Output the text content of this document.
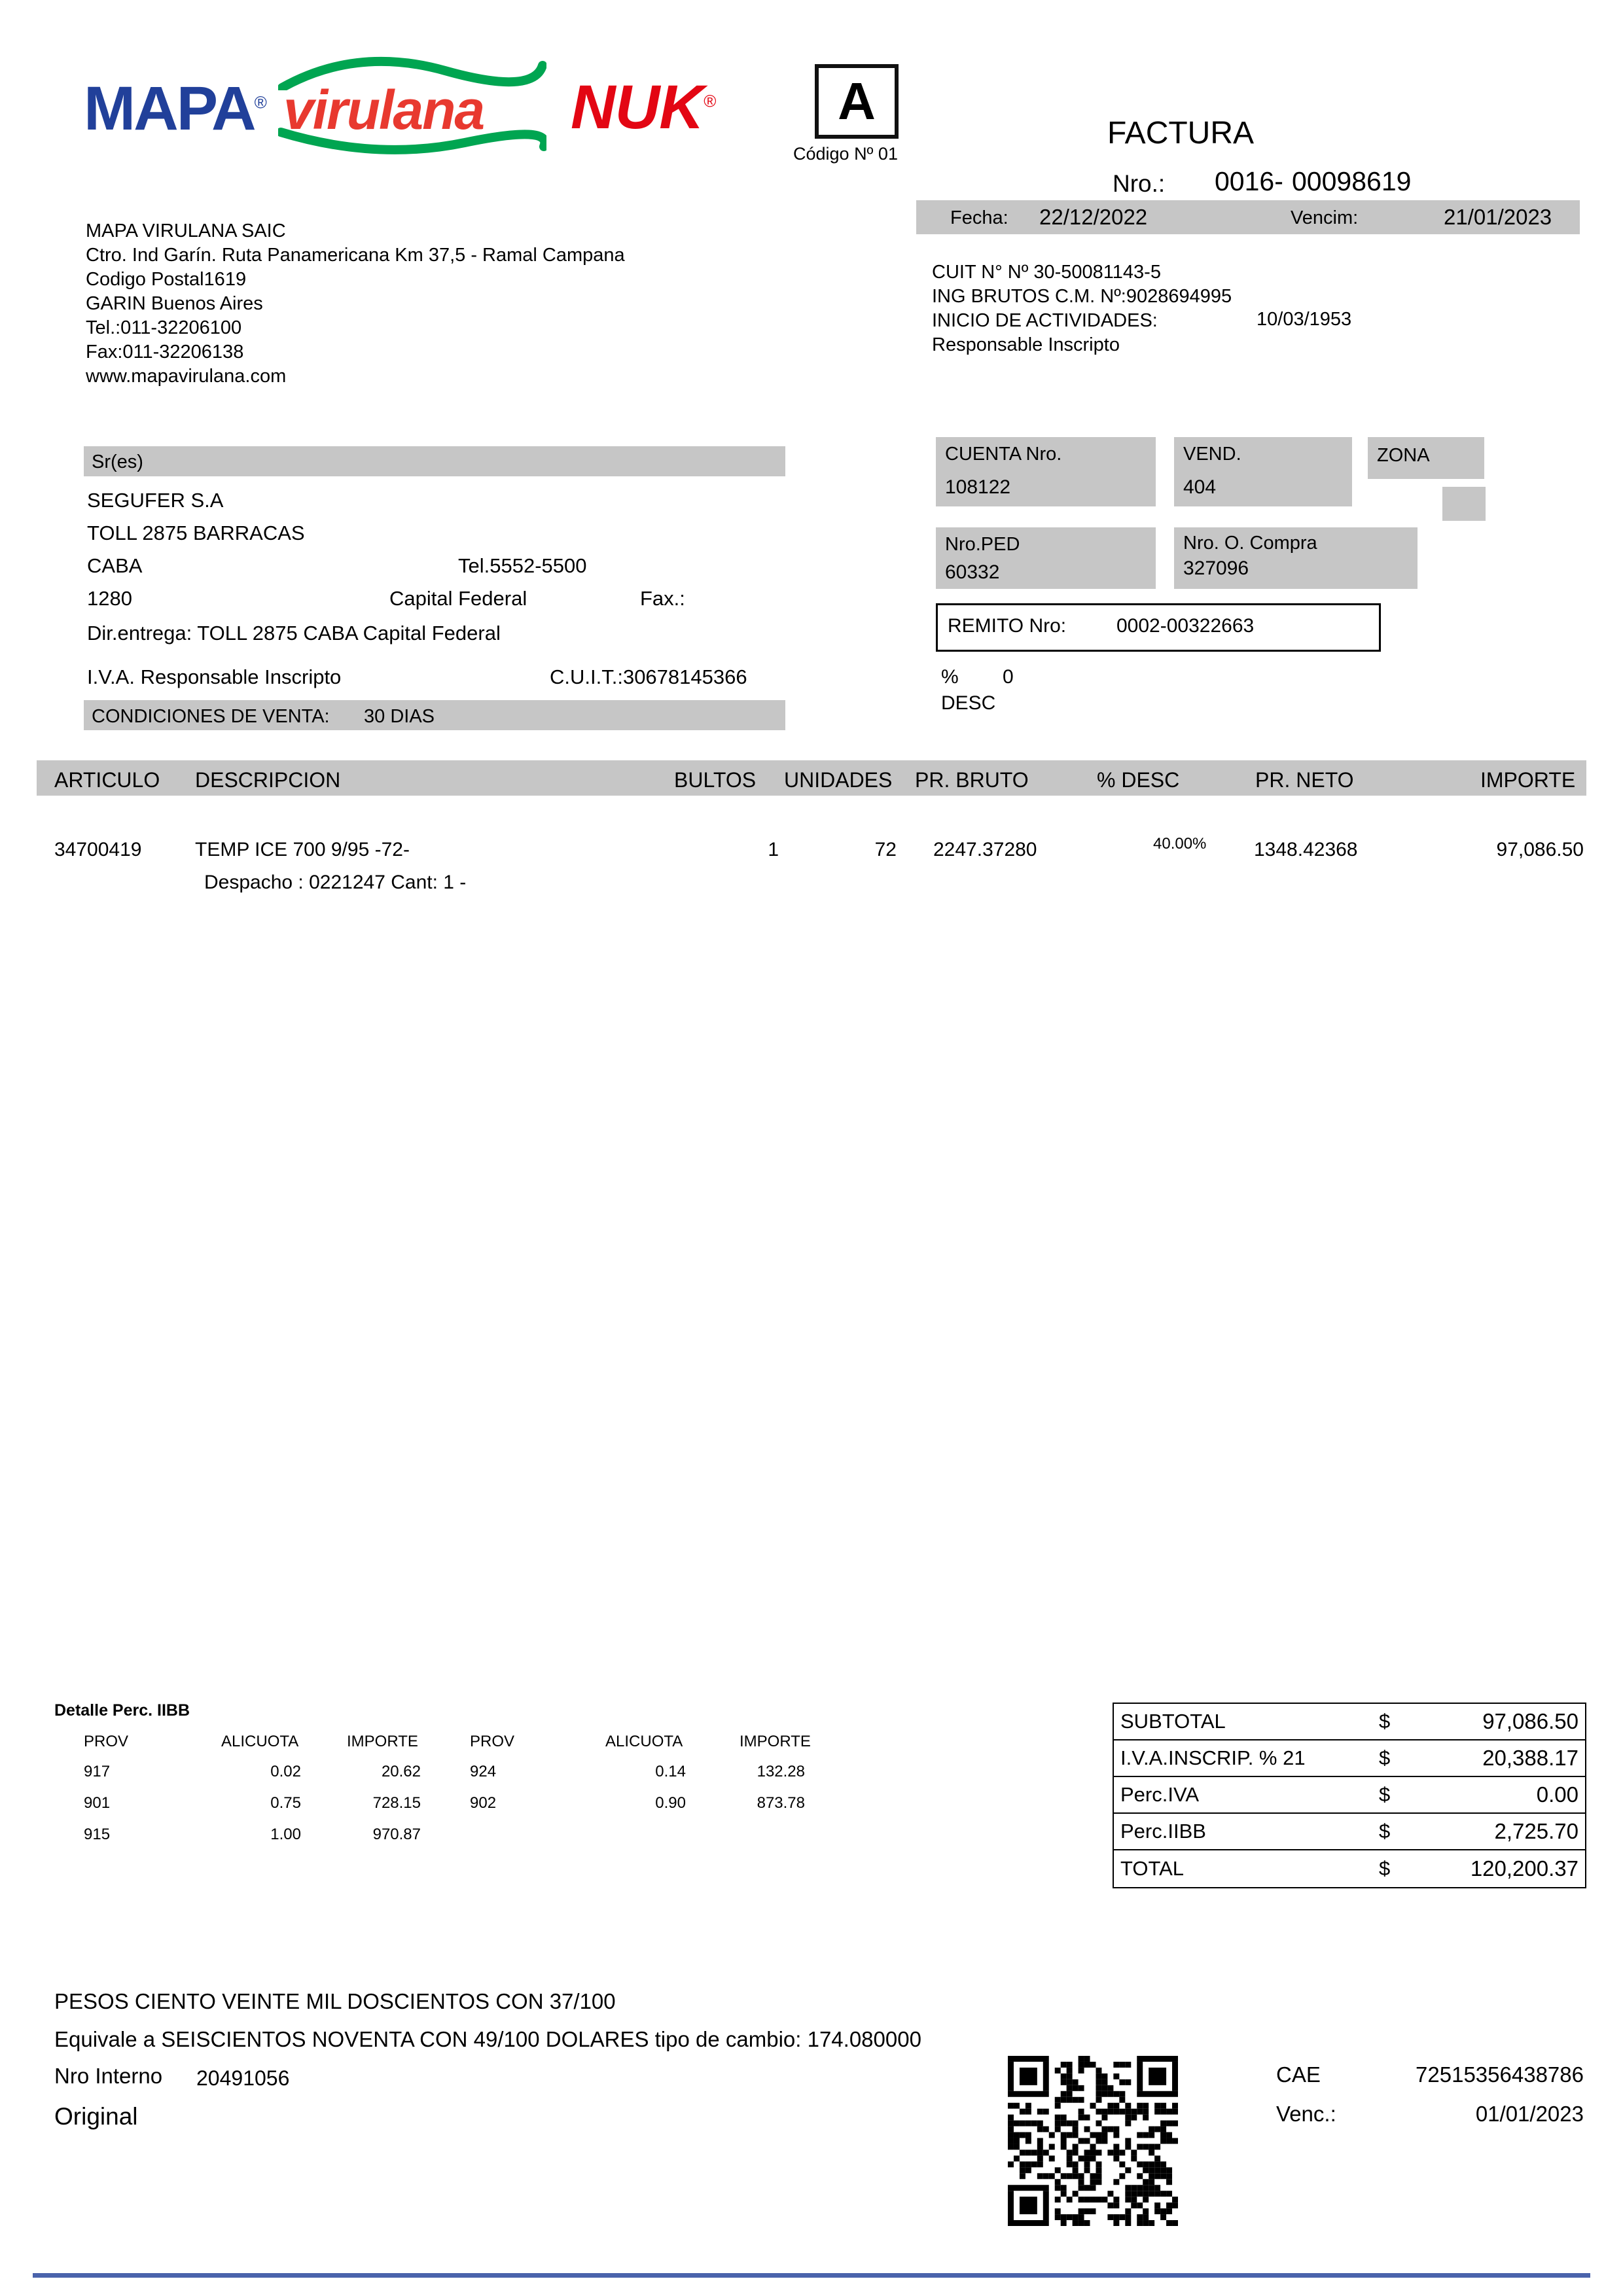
MAPA® virulana NUK® A
Código Nº 01
FACTURA
Nro.: 0016- 00098619
Fecha: 22/12/2022	Vencim:	21/01/2023
MAPA VIRULANA SAIC
Ctro. Ind Garín. Ruta Panamericana Km 37,5 - Ramal Campana
Codigo Postal1619
GARIN Buenos Aires
Tel.:011-32206100
Fax:011-32206138
www.mapavirulana.com
CUIT N° Nº 30-50081143-5
ING BRUTOS C.M. Nº:9028694995
INICIO DE ACTIVIDADES:
Responsable Inscripto
10/03/1953
Sr(es)
SEGUFER S.A
TOLL 2875 BARRACAS
CABA	Tel.5552-5500
1280	Capital Federal	Fax.:
Dir.entrega: TOLL 2875 CABA Capital Federal
I.V.A. Responsable Inscripto	C.U.I.T.:30678145366
CONDICIONES DE VENTA: 30 DIAS
CUENTA Nro.
108122
VEND.
404
ZONA
Nro.PED
60332
Nro. O. Compra
327096
REMITO Nro:	0002-00322663
% 0
DESC
ARTICULO DESCRIPCION	BULTOS UNIDADES PR. BRUTO	% DESC	PR. NETO	IMPORTE
34700419	TEMP ICE 700 9/95 -72-
Despacho : 0221247 Cant: 1 -
1	72 2247.37280	40.00% 1348.42368	97,086.50
Detalle Perc. IIBB
PROV	ALICUOTA	IMPORTE	PROV	ALICUOTA	IMPORTE
917	0.02	20.62	924	0.14	132.28
901	0.75	728.15	902	0.90	873.78
915	1.00	970.87
SUBTOTAL	$	97,086.50
I.V.A.INSCRIP. % 21	$	20,388.17
Perc.IVA	$	0.00
Perc.IIBB	$	2,725.70
TOTAL	$	120,200.37
PESOS CIENTO VEINTE MIL DOSCIENTOS CON 37/100
Equivale a SEISCIENTOS NOVENTA CON 49/100 DOLARES tipo de cambio: 174.080000
Nro Interno 20491056
Original
CAE	72515356438786
Venc.:	01/01/2023
